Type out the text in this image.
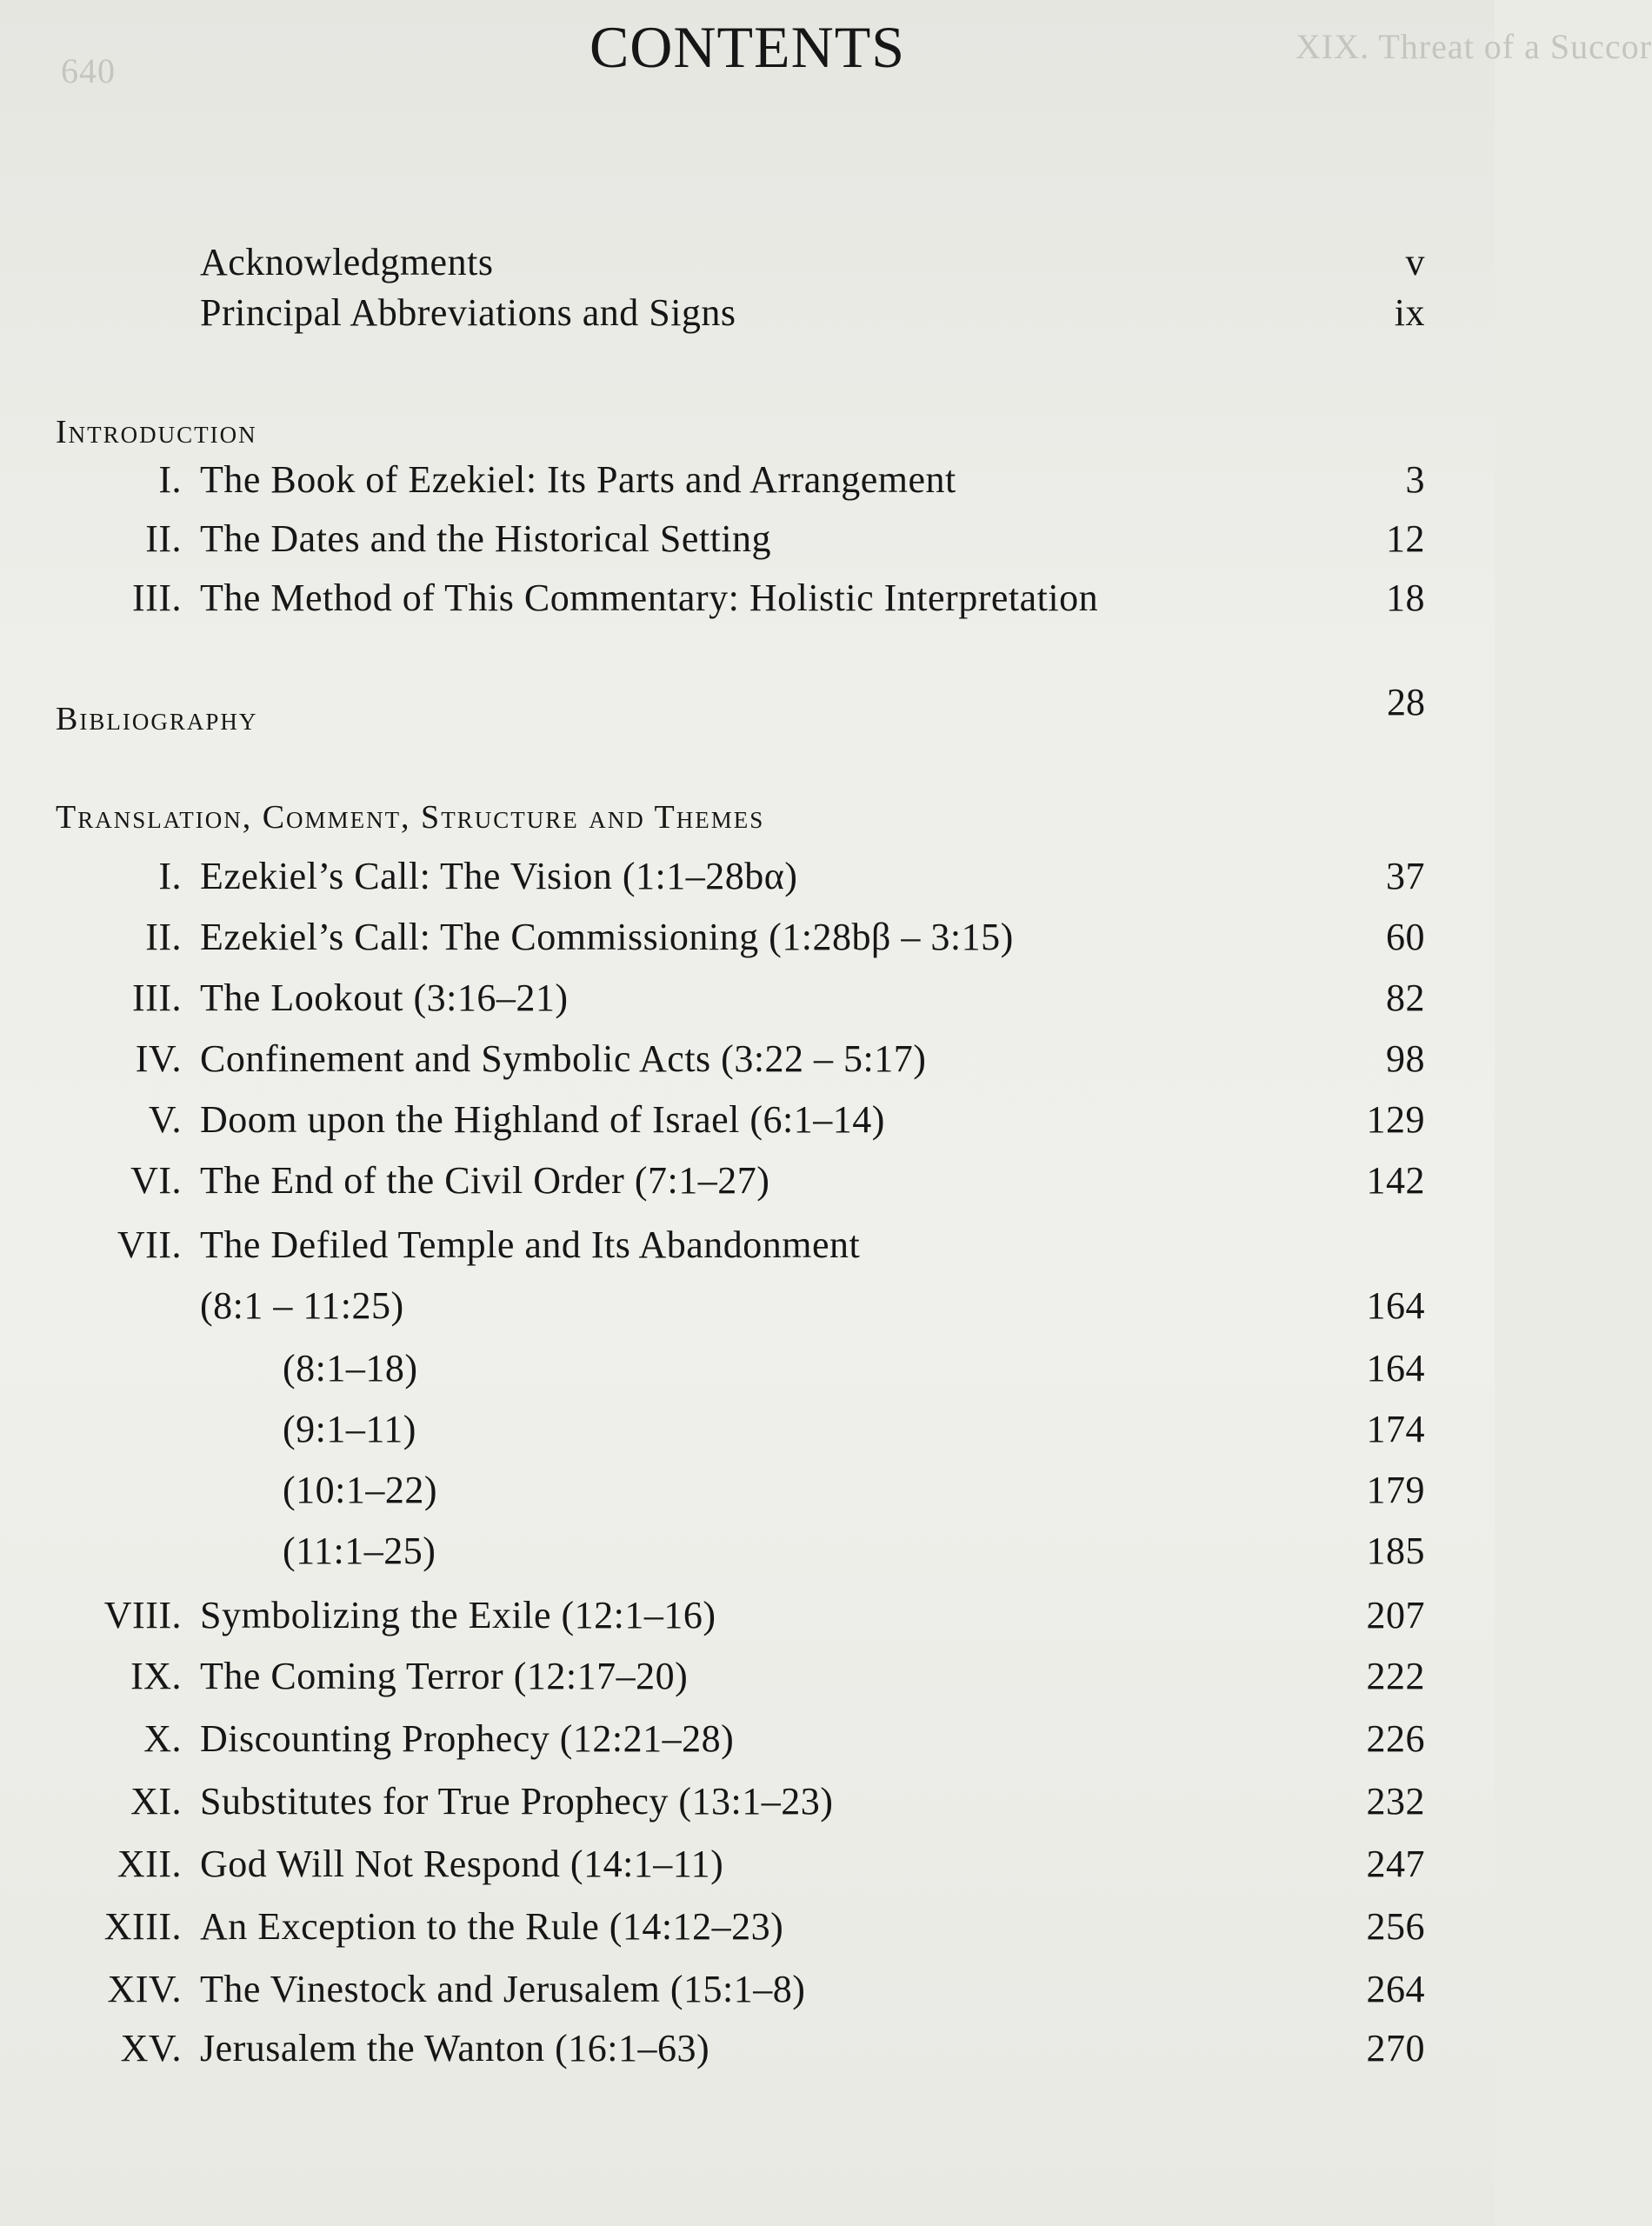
640
XIX. Threat of a Succor
CONTENTS
Acknowledgments	v
Principal Abbreviations and Signs	ix
Introduction
I. The Book of Ezekiel: Its Parts and Arrangement	3
II. The Dates and the Historical Setting	12
III. The Method of This Commentary: Holistic Interpretation	18
Bibliography	28
Translation, Comment, Structure and Themes
I. Ezekiel’s Call: The Vision (1:1–28bα)	37
II. Ezekiel’s Call: The Commissioning (1:28bβ – 3:15)	60
III. The Lookout (3:16–21)	82
IV. Confinement and Symbolic Acts (3:22 – 5:17)	98
V. Doom upon the Highland of Israel (6:1–14)	129
VI. The End of the Civil Order (7:1–27)	142
VII. The Defiled Temple and Its Abandonment
(8:1 – 11:25)	164
(8:1–18)	164
(9:1–11)	174
(10:1–22)	179
(11:1–25)	185
VIII. Symbolizing the Exile (12:1–16)	207
IX. The Coming Terror (12:17–20)	222
X. Discounting Prophecy (12:21–28)	226
XI. Substitutes for True Prophecy (13:1–23)	232
XII. God Will Not Respond (14:1–11)	247
XIII. An Exception to the Rule (14:12–23)	256
XIV. The Vinestock and Jerusalem (15:1–8)	264
XV. Jerusalem the Wanton (16:1–63)	270
